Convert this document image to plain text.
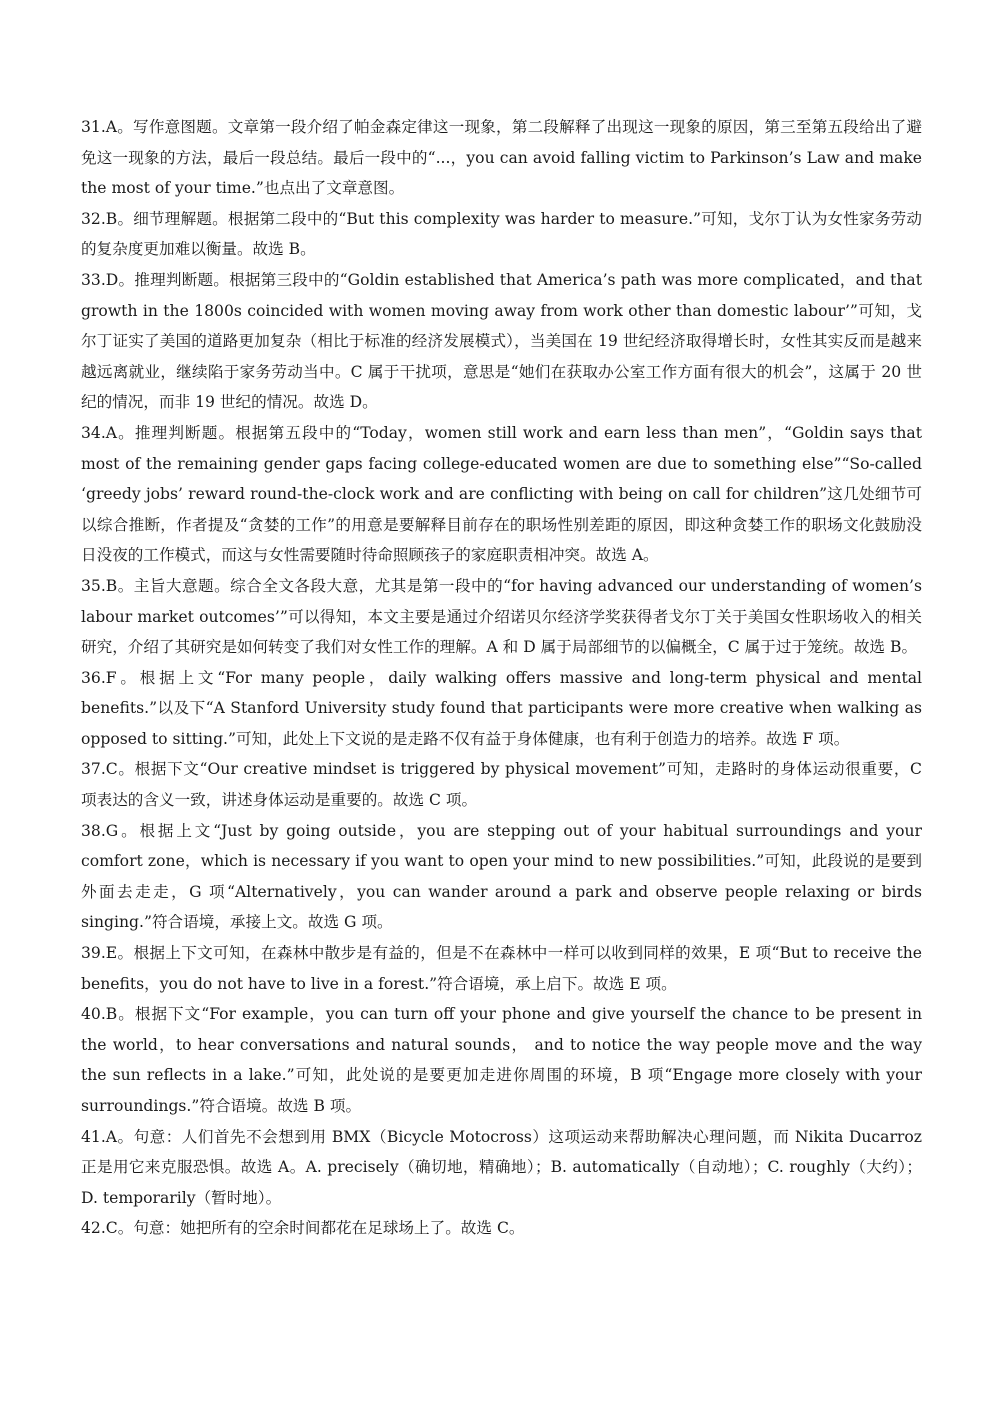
31.A。写作意图题。文章第一段介绍了帕金森定律这一现象，第二段解释了出现这一现象的原因，第三至第五段给出了避免这一现象的方法，最后一段总结。最后一段中的“...，you can avoid falling victim to Parkinson’s Law and make the most of your time.”也点出了文章意图。

32.B。细节理解题。根据第二段中的“But this complexity was harder to measure.”可知，戈尔丁认为女性家务劳动的复杂度更加难以衡量。故选 B。

33.D。推理判断题。根据第三段中的“Goldin established that America’s path was more complicated，and that growth in the 1800s coincided with women moving away from work other than domestic labour’”可知，戈尔丁证实了美国的道路更加复杂（相比于标准的经济发展模式），当美国在 19 世纪经济取得增长时，女性其实反而是越来越远离就业，继续陷于家务劳动当中。C 属于干扰项，意思是“她们在获取办公室工作方面有很大的机会”，这属于 20 世纪的情况，而非 19 世纪的情况。故选 D。

34.A。推理判断题。根据第五段中的“Today，women still work and earn less than men”，“Goldin says that most of the remaining gender gaps facing college-educated women are due to something else”“So-called ‘greedy jobs’ reward round-the-clock work and are conflicting with being on call for children”这几处细节可以综合推断，作者提及“贪婪的工作”的用意是要解释目前存在的职场性别差距的原因，即这种贪婪工作的职场文化鼓励没日没夜的工作模式，而这与女性需要随时待命照顾孩子的家庭职责相冲突。故选 A。

35.B。主旨大意题。综合全文各段大意，尤其是第一段中的“for having advanced our understanding of women’s labour market outcomes’”可以得知，本文主要是通过介绍诺贝尔经济学奖获得者戈尔丁关于美国女性职场收入的相关研究，介绍了其研究是如何转变了我们对女性工作的理解。A 和 D 属于局部细节的以偏概全，C 属于过于笼统。故选 B。

36.F。根据上文“For many people，daily walking offers massive and long-term physical and mental benefits.”以及下“A Stanford University study found that participants were more creative when walking as opposed to sitting.”可知，此处上下文说的是走路不仅有益于身体健康，也有利于创造力的培养。故选 F 项。

37.C。根据下文“Our creative mindset is triggered by physical movement”可知，走路时的身体运动很重要，C 项表达的含义一致，讲述身体运动是重要的。故选 C 项。

38.G。根据上文“Just by going outside，you are stepping out of your habitual surroundings and your comfort zone，which is necessary if you want to open your mind to new possibilities.”可知，此段说的是要到外面去走走，G 项“Alternatively，you can wander around a park and observe people relaxing or birds singing.”符合语境，承接上文。故选 G 项。

39.E。根据上下文可知，在森林中散步是有益的，但是不在森林中一样可以收到同样的效果，E 项“But to receive the benefits，you do not have to live in a forest.”符合语境，承上启下。故选 E 项。

40.B。根据下文“For example，you can turn off your phone and give yourself the chance to be present in the world，to hear conversations and natural sounds， and to notice the way people move and the way the sun reflects in a lake.”可知，此处说的是要更加走进你周围的环境，B 项“Engage more closely with your surroundings.”符合语境。故选 B 项。

41.A。句意：人们首先不会想到用 BMX（Bicycle Motocross）这项运动来帮助解决心理问题，而 Nikita Ducarroz 正是用它来克服恐惧。故选 A。A. precisely（确切地，精确地）；B. automatically（自动地）；C. roughly（大约）；D. temporarily（暂时地）。

42.C。句意：她把所有的空余时间都花在足球场上了。故选 C。
